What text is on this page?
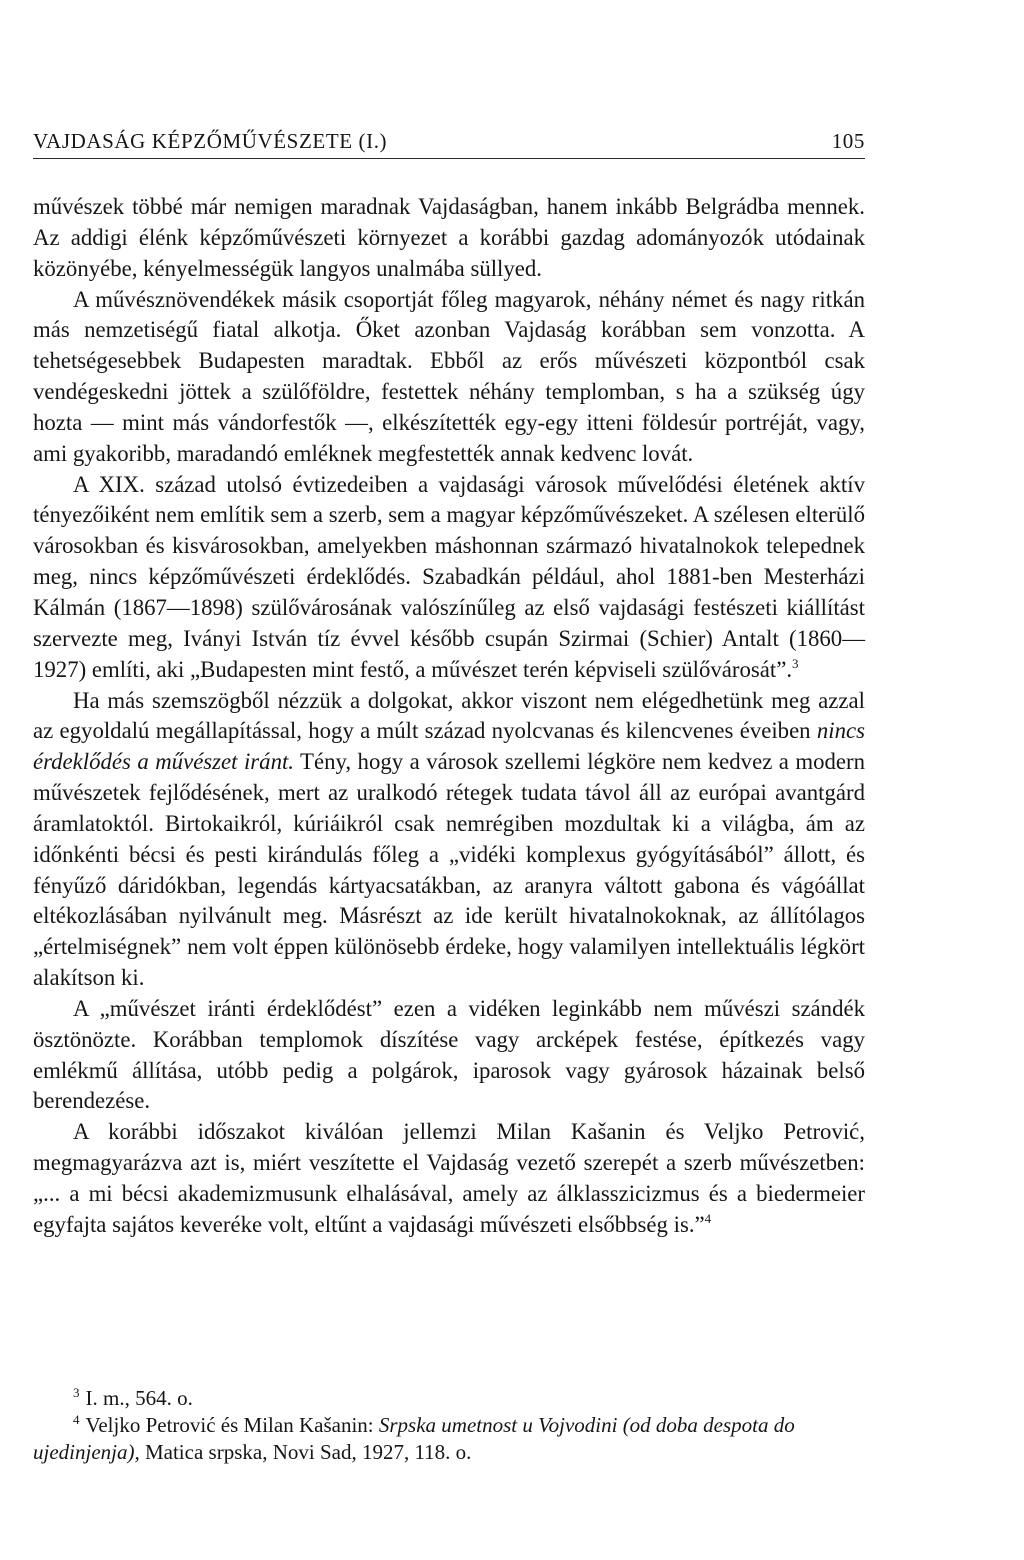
VAJDASÁG KÉPZŐMŰVÉSZETE (I.)	105

művészek többé már nemigen maradnak Vajdaságban, hanem inkább Belgrádba mennek. Az addigi élénk képzőművészeti környezet a korábbi gazdag adományozók utódainak közönyébe, kényelmességük langyos unalmába süllyed.

A művésznövendékek másik csoportját főleg magyarok, néhány német és nagy ritkán más nemzetiségű fiatal alkotja. Őket azonban Vajdaság korábban sem vonzotta. A tehetségesebbek Budapesten maradtak. Ebből az erős művészeti központból csak vendégeskedni jöttek a szülőföldre, festettek néhány templomban, s ha a szükség úgy hozta — mint más vándorfestők —, elkészítették egy-egy itteni földesúr portréját, vagy, ami gyakoribb, maradandó emléknek megfestették annak kedvenc lovát.

A XIX. század utolsó évtizedeiben a vajdasági városok művelődési életének aktív tényezőiként nem említik sem a szerb, sem a magyar képzőművészeket. A szélesen elterülő városokban és kisvárosokban, amelyekben máshonnan származó hivatalnokok telepednek meg, nincs képzőművészeti érdeklődés. Szabadkán például, ahol 1881-ben Mesterházi Kálmán (1867—1898) szülővárosának valószínűleg az első vajdasági festészeti kiállítást szervezte meg, Iványi István tíz évvel később csupán Szirmai (Schier) Antalt (1860—1927) említi, aki „Budapesten mint festő, a művészet terén képviseli szülővárosát”.$^3$

Ha más szemszögből nézzük a dolgokat, akkor viszont nem elégedhetünk meg azzal az egyoldalú megállapítással, hogy a múlt század nyolcvanas és kilencvenes éveiben nincs érdeklődés a művészet iránt. Tény, hogy a városok szellemi légköre nem kedvez a modern művészetek fejlődésének, mert az uralkodó rétegek tudata távol áll az európai avantgárd áramlatoktól. Birtokaikról, kúriáikról csak nemrégiben mozdultak ki a világba, ám az időnkénti bécsi és pesti kirándulás főleg a „vidéki komplexus gyógyításából” állott, és fényűző dáridókban, legendás kártyacsatákban, az aranyra váltott gabona és vágóállat eltékozlásában nyilvánult meg. Másrészt az ide került hivatalnokoknak, az állítólagos „értelmiségnek” nem volt éppen különösebb érdeke, hogy valamilyen intellektuális légkört alakítson ki.

A „művészet iránti érdeklődést” ezen a vidéken leginkább nem művészi szándék ösztönözte. Korábban templomok díszítése vagy arcképek festése, építkezés vagy emlékmű állítása, utóbb pedig a polgárok, iparosok vagy gyárosok házainak belső berendezése.

A korábbi időszakot kiválóan jellemzi Milan Kašanin és Veljko Petrović, megmagyarázva azt is, miért veszítette el Vajdaság vezető szerepét a szerb művészetben: „... a mi bécsi akademizmusunk elhalásával, amely az álklasszicizmus és a biedermeier egyfajta sajátos keveréke volt, eltűnt a vajdasági művészeti elsőbbség is.”$^4$

$^3$ I. m., 564. o.

$^4$ Veljko Petrović és Milan Kašanin: Srpska umetnost u Vojvodini (od doba despota do ujedinjenja), Matica srpska, Novi Sad, 1927, 118. o.
